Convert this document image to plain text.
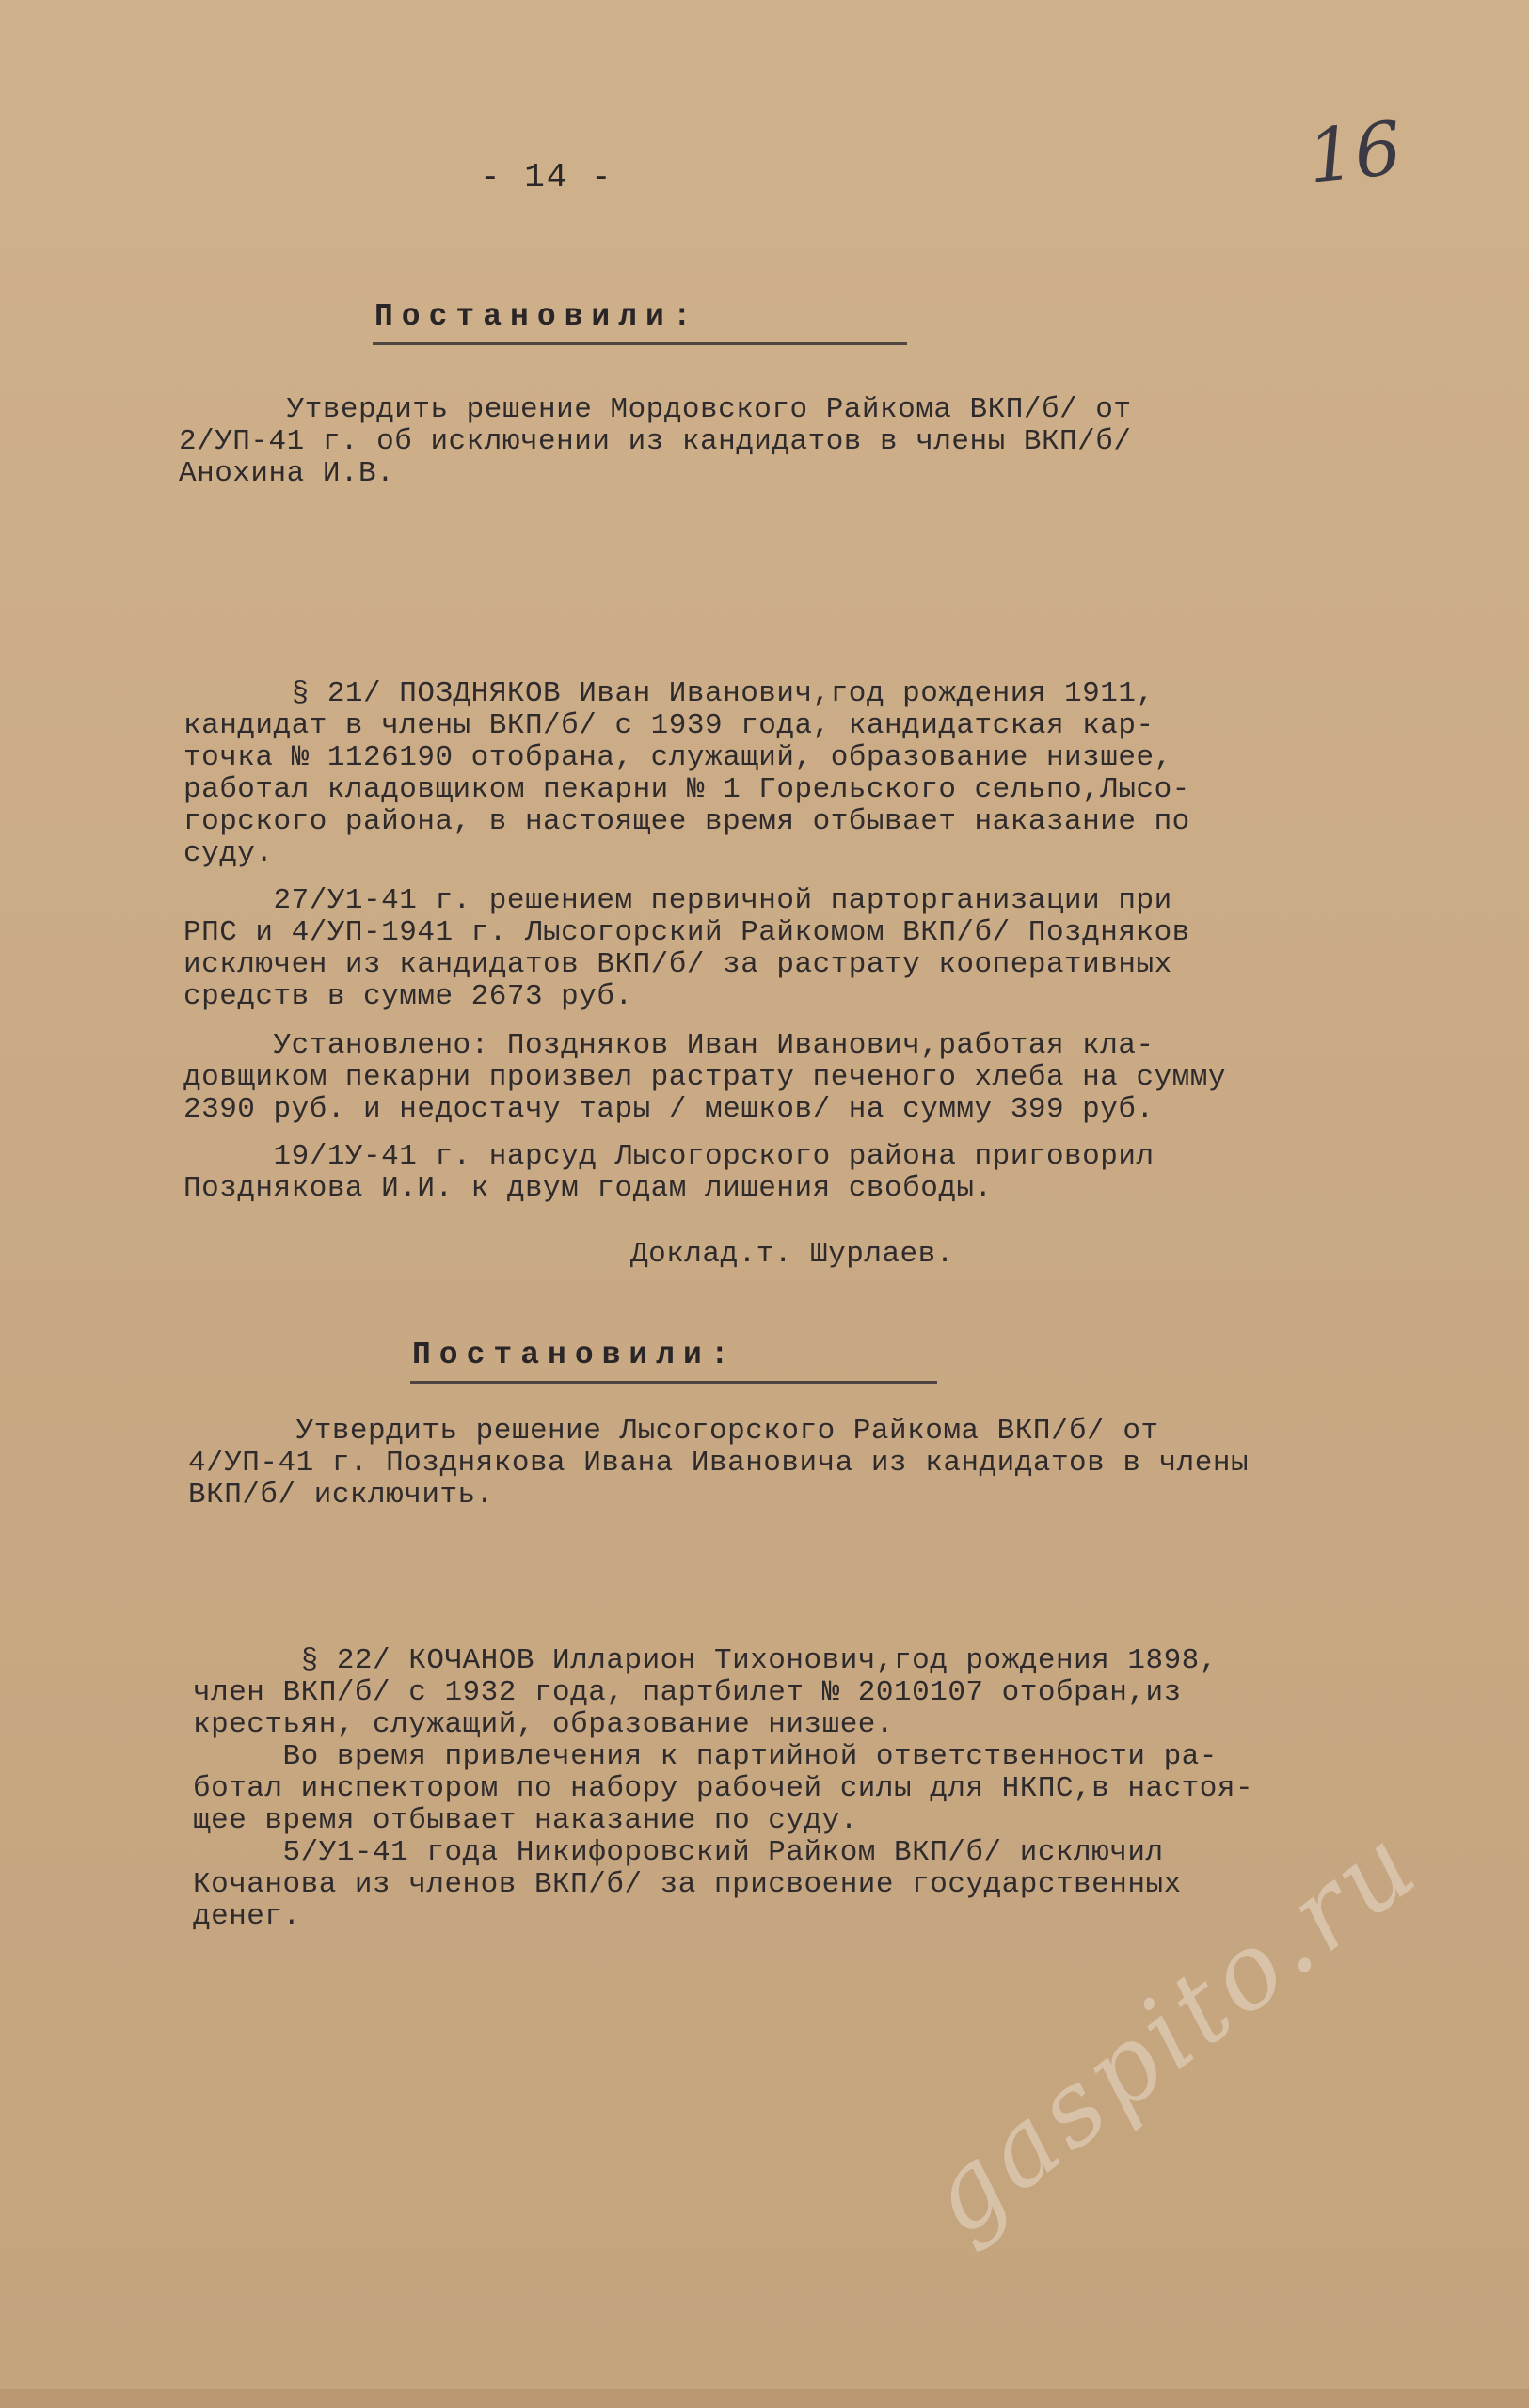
- 14 -	16
Постановили:
Утвердить решение Мордовского Райкома ВКП/б/ от
2/УП-41 г. об исключении из кандидатов в члены ВКП/б/
Анохина И.В.
§ 21/ ПОЗДНЯКОВ Иван Иванович,год рождения 1911,
кандидат в члены ВКП/б/ с 1939 года, кандидатская кар-
точка № 1126190 отобрана, служащий, образование низшее,
работал кладовщиком пекарни № 1 Горельского сельпо,Лысо-
горского района, в настоящее время отбывает наказание по
суду.
27/У1-41 г. решением первичной парторганизации при
РПС и 4/УП-1941 г. Лысогорский Райкомом ВКП/б/ Поздняков
исключен из кандидатов ВКП/б/ за растрату кооперативных
средств в сумме 2673 руб.
Установлено: Поздняков Иван Иванович,работая кла-
довщиком пекарни произвел растрату печеного хлеба на сумму
2390 руб. и недостачу тары / мешков/ на сумму 399 руб.
19/1У-41 г. нарсуд Лысогорского района приговорил
Позднякова И.И. к двум годам лишения свободы.
Доклад.т. Шурлаев.
Постановили:
Утвердить решение Лысогорского Райкома ВКП/б/ от
4/УП-41 г. Позднякова Ивана Ивановича из кандидатов в члены
ВКП/б/ исключить.
§ 22/ КОЧАНОВ Илларион Тихонович,год рождения 1898,
член ВКП/б/ с 1932 года, партбилет № 2010107 отобран,из
крестьян, служащий, образование низшее.
Во время привлечения к партийной ответственности ра-
ботал инспектором по набору рабочей силы для НКПС,в настоя-
щее время отбывает наказание по суду.
5/У1-41 года Никифоровский Райком ВКП/б/ исключил
Кочанова из членов ВКП/б/ за присвоение государственных
денег.	gaspito.ru
